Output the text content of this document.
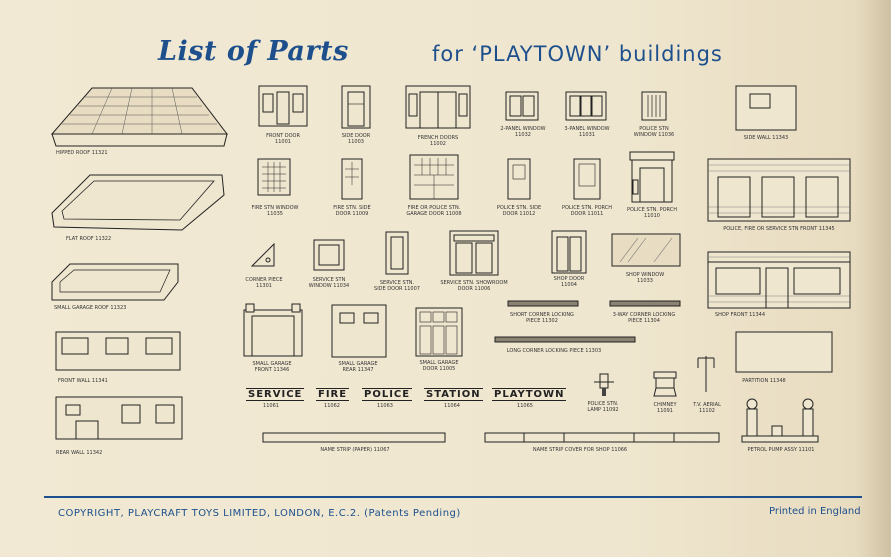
List of Parts	for ‘PLAYTOWN’ buildings
HIPPED ROOF 11321
FLAT ROOF 11322
SMALL GARAGE ROOF 11323
FRONT WALL 11341
REAR WALL 11342
FRONT DOOR
11001
SIDE DOOR
11003
FRENCH DOORS
11002
2-PANEL WINDOW
11032
3-PANEL WINDOW
11031
POLICE STN
WINDOW 11036	SIDE WALL 11343
FIRE STN WINDOW
11035
FIRE STN. SIDE
DOOR 11009
FIRE OR POLICE STN.
GARAGE DOOR 11008
POLICE STN. SIDE
DOOR 11012
POLICE STN. PORCH
DOOR 11011
POLICE STN. PORCH
11010
POLICE, FIRE OR SERVICE STN FRONT 11345
CORNER PIECE
11301
SERVICE STN
WINDOW 11034	SERVICE STN.
SIDE DOOR 11007
SERVICE STN. SHOWROOM
DOOR 11006
SHOP DOOR
11004
SHOP WINDOW
11033
SHOP FRONT 11344
SMALL GARAGE
FRONT 11346
SMALL GARAGE
REAR 11347
SMALL GARAGE
DOOR 11005
SHORT CORNER LOCKING
PIECE 11302
3-WAY CORNER LOCKING
PIECE 11304
LONG CORNER LOCKING PIECE 11303
PARTITION 11348
SERVICE
11061
FIRE
11062
POLICE
11063
STATION
11064
PLAYTOWN
11065	POLICE STN.
LAMP 11092
CHIMNEY
11091
T.V. AERIAL
11102
PETROL PUMP ASSY 11101
NAME STRIP (PAPER) 11067	NAME STRIP COVER FOR SHOP 11066
COPYRIGHT, PLAYCRAFT TOYS LIMITED, LONDON, E.C.2. (Patents Pending)	Printed in England
